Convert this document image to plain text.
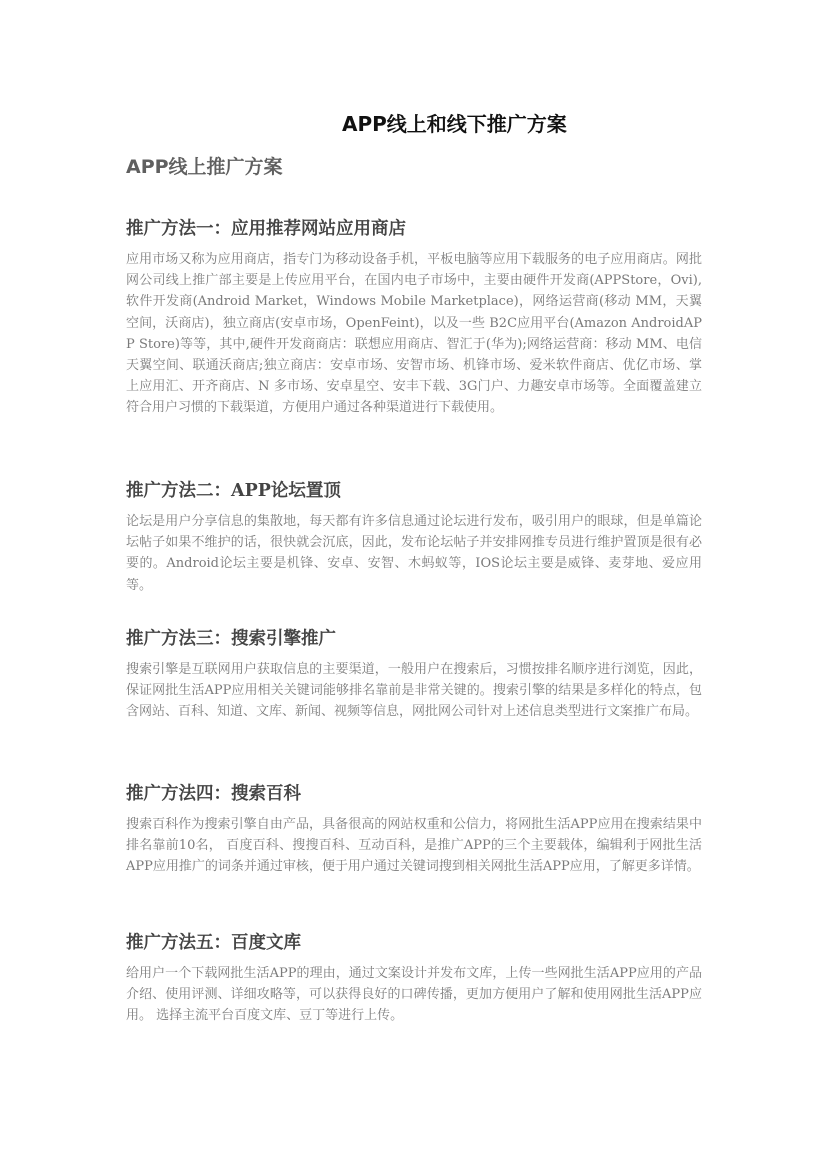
APP线上和线下推广方案
APP线上推广方案
推广方法一：应用推荐网站应用商店

应用市场又称为应用商店，指专门为移动设备手机，平板电脑等应用下载服务的电子应用商店。网批网公司线上推广部主要是上传应用平台，在国内电子市场中，主要由硬件开发商(APPStore，Ovi),软件开发商(Android Market，Windows Mobile Marketplace)，网络运营商(移动 MM，天翼空间，沃商店)，独立商店(安卓市场，OpenFeint)，以及一些 B2C应用平台(Amazon AndroidAPP Store)等等，其中,硬件开发商商店：联想应用商店、智汇于(华为);网络运营商：移动 MM、电信天翼空间、联通沃商店;独立商店：安卓市场、安智市场、机锋市场、爱米软件商店、优亿市场、掌上应用汇、开齐商店、N 多市场、安卓星空、安丰下载、3G门户、力趣安卓市场等。全面覆盖建立符合用户习惯的下载渠道，方便用户通过各种渠道进行下载使用。

推广方法二：APP论坛置顶

论坛是用户分享信息的集散地，每天都有许多信息通过论坛进行发布，吸引用户的眼球，但是单篇论坛帖子如果不维护的话，很快就会沉底，因此，发布论坛帖子并安排网推专员进行维护置顶是很有必要的。Android论坛主要是机锋、安卓、安智、木蚂蚁等，IOS论坛主要是威锋、麦芽地、爱应用等。

推广方法三：搜索引擎推广

搜索引擎是互联网用户获取信息的主要渠道，一般用户在搜索后，习惯按排名顺序进行浏览，因此，保证网批生活APP应用相关关键词能够排名靠前是非常关键的。搜索引擎的结果是多样化的特点，包含网站、百科、知道、文库、新闻、视频等信息，网批网公司针对上述信息类型进行文案推广布局。

推广方法四：搜索百科

搜索百科作为搜索引擎自由产品，具备很高的网站权重和公信力，将网批生活APP应用在搜索结果中排名靠前10名， 百度百科、搜搜百科、互动百科，是推广APP的三个主要载体，编辑利于网批生活APP应用推广的词条并通过审核，便于用户通过关键词搜到相关网批生活APP应用，了解更多详情。

推广方法五：百度文库

给用户一个下载网批生活APP的理由，通过文案设计并发布文库，上传一些网批生活APP应用的产品介绍、使用评测、详细攻略等，可以获得良好的口碑传播，更加方便用户了解和使用网批生活APP应用。 选择主流平台百度文库、豆丁等进行上传。
